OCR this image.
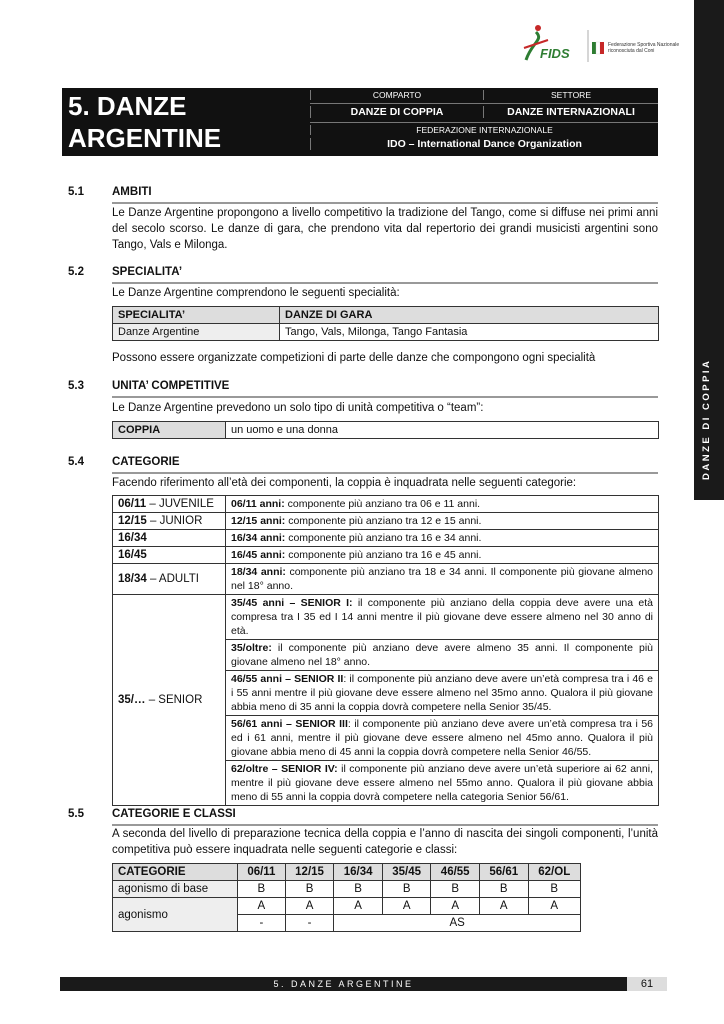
DANZE DI COPPIA
FIDS
Federazione Sportiva Nazionale
riconosciuta dal Coni
5. DANZE
ARGENTINE
COMPARTO	SETTORE
DANZE DI COPPIA	DANZE INTERNAZIONALI
FEDERAZIONE INTERNAZIONALE
IDO – International Dance Organization
5.1 AMBITI
Le Danze Argentine propongono a livello competitivo la tradizione del Tango, come si diffuse nei primi anni del secolo scorso. Le danze di gara, che prendono vita dal repertorio dei grandi musicisti argentini sono Tango, Vals e Milonga.
5.2 SPECIALITA’
Le Danze Argentine comprendono le seguenti specialità:
SPECIALITA’	DANZE DI GARA
Danze Argentine	Tango, Vals, Milonga, Tango Fantasia
Possono essere organizzate competizioni di parte delle danze che compongono ogni specialità
5.3 UNITA’ COMPETITIVE
Le Danze Argentine prevedono un solo tipo di unità competitiva o “team”:
COPPIA	un uomo e una donna
5.4 CATEGORIE
Facendo riferimento all’età dei componenti, la coppia è inquadrata nelle seguenti categorie:
06/11 – JUVENILE	06/11 anni: componente più anziano tra 06 e 11 anni.
12/15 – JUNIOR	12/15 anni: componente più anziano tra 12 e 15 anni.
16/34	16/34 anni: componente più anziano tra 16 e 34 anni.
16/45	16/45 anni: componente più anziano tra 16 e 45 anni.
18/34 – ADULTI	18/34 anni: componente più anziano tra 18 e 34 anni. Il componente più giovane almeno nel 18° anno.
35/… – SENIOR	35/45 anni – SENIOR I: il componente più anziano della coppia deve avere una età compresa tra I 35 ed I 14 anni mentre il più giovane deve essere almeno nel 30 anno di età.
	35/oltre: il componente più anziano deve avere almeno 35 anni. Il componente più giovane almeno nel 18° anno.
	46/55 anni – SENIOR II: il componente più anziano deve avere un’età compresa tra i 46 e i 55 anni mentre il più giovane deve essere almeno nel 35mo anno. Qualora il più giovane abbia meno di 35 anni la coppia dovrà competere nella Senior 35/45.
	56/61 anni – SENIOR III: il componente più anziano deve avere un’età compresa tra i 56 ed i 61 anni, mentre il più giovane deve essere almeno nel 45mo anno. Qualora il più giovane abbia meno di 45 anni la coppia dovrà competere nella Senior 46/55.
	62/oltre – SENIOR IV: il componente più anziano deve avere un’età superiore ai 62 anni, mentre il più giovane deve essere almeno nel 55mo anno. Qualora il più giovane abbia meno di 55 anni la coppia dovrà competere nella categoria Senior 56/61.
5.5 CATEGORIE E CLASSI
A seconda del livello di preparazione tecnica della coppia e l’anno di nascita dei singoli componenti, l’unità competitiva può essere inquadrata nelle seguenti categorie e classi:
CATEGORIE	06/11	12/15	16/34	35/45	46/55	56/61	62/OL
agonismo di base	B	B	B	B	B	B	B
agonismo	A	A	A	A	A	A	A
	-	-	AS				
5. DANZE ARGENTINE	61
